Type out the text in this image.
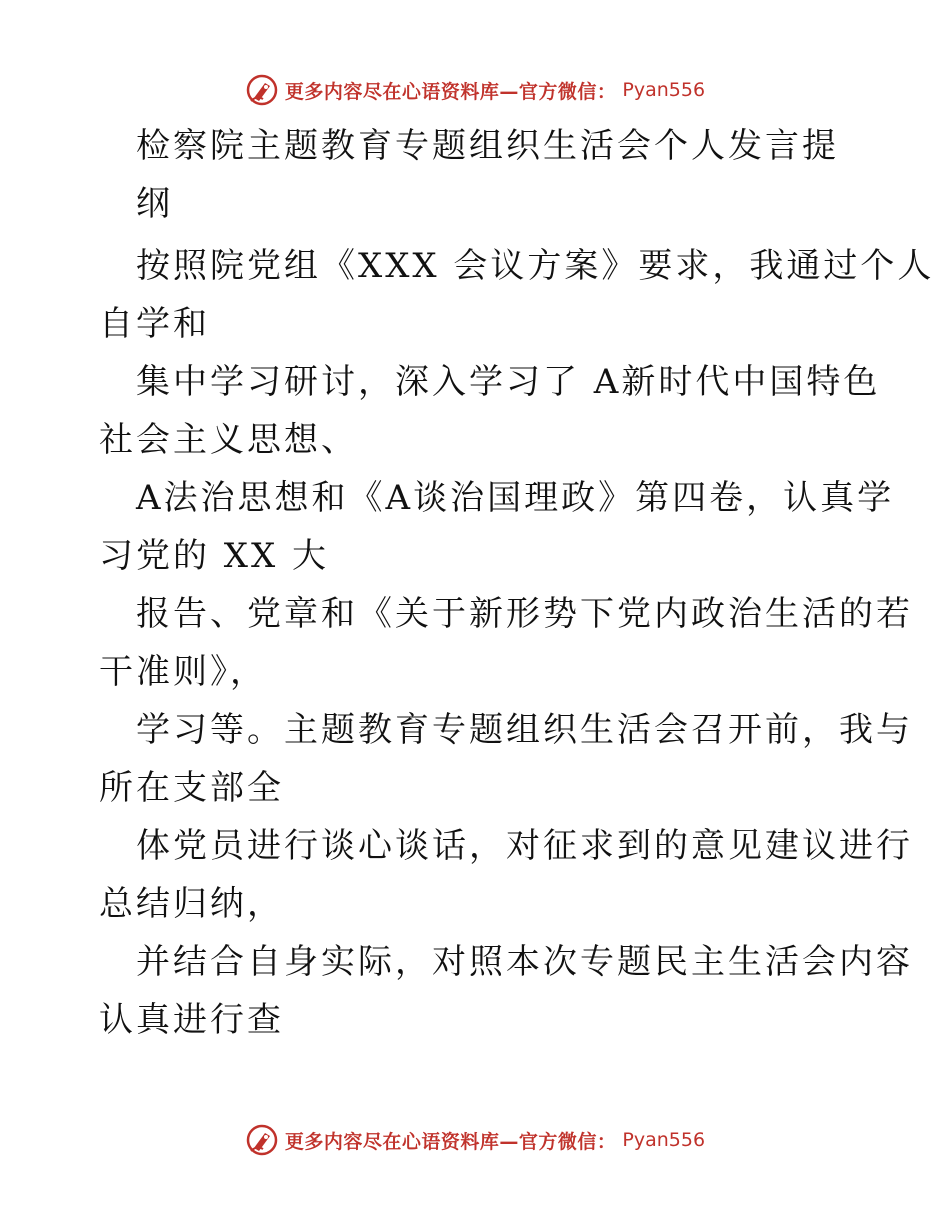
更多内容尽在心语资料库—官方微信： Pyan556
检察院主题教育专题组织生活会个人发言提
纲
按照院党组《XXX 会议方案》要求，我通过个人
自学和
集中学习研讨，深入学习了 A新时代中国特色
社会主义思想、
A法治思想和《A谈治国理政》第四卷，认真学
习党的 XX 大
报告、党章和《关于新形势下党内政治生活的若
干准则》，
学习等。主题教育专题组织生活会召开前，我与
所在支部全
体党员进行谈心谈话，对征求到的意见建议进行
总结归纳，
并结合自身实际，对照本次专题民主生活会内容
认真进行查
更多内容尽在心语资料库—官方微信： Pyan556
